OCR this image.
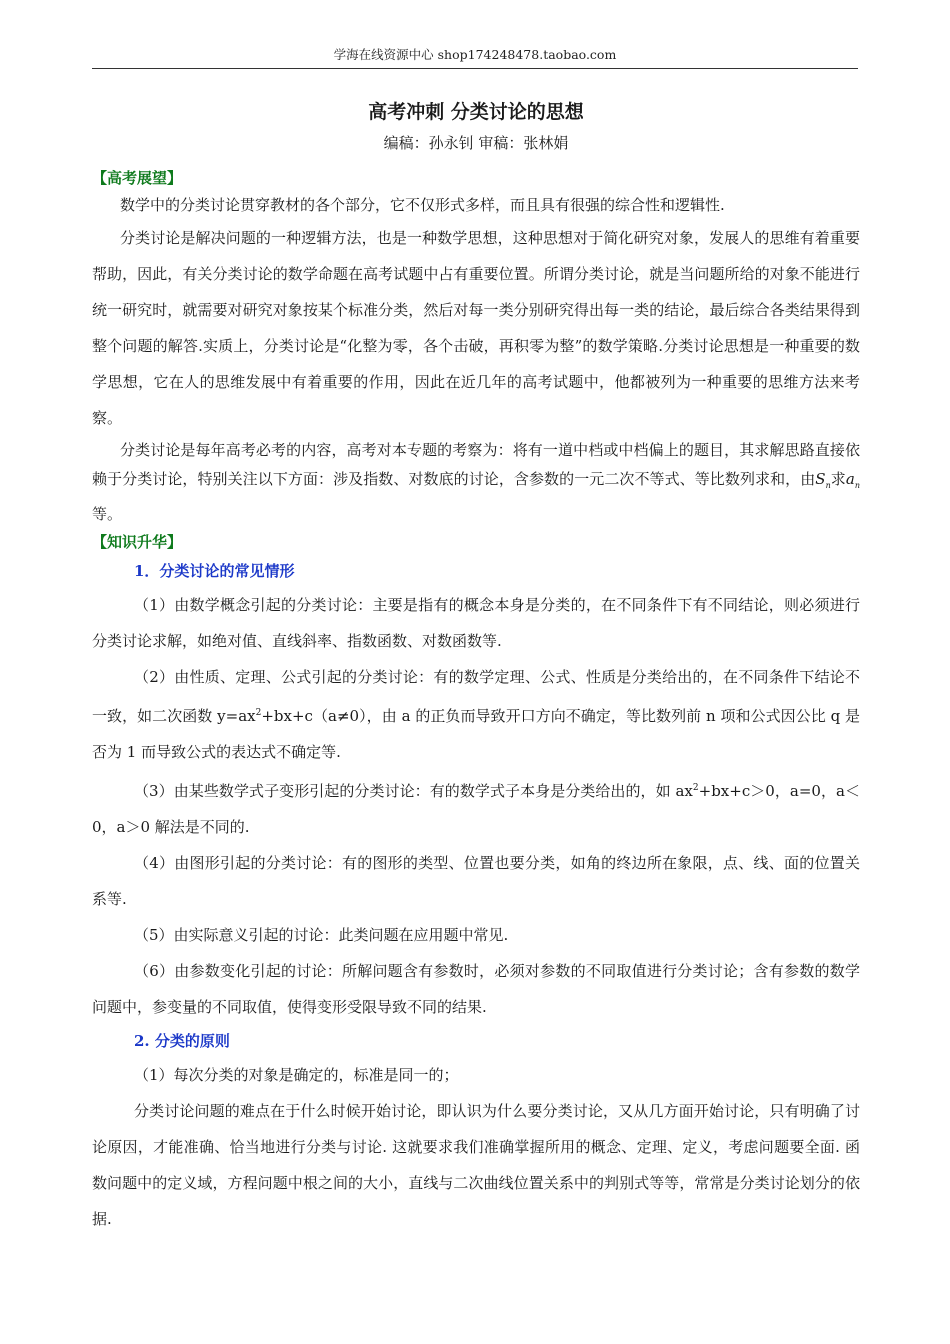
学海在线资源中心 shop174248478.taobao.com
高考冲刺 分类讨论的思想
编稿：孙永钊 审稿：张林娟
【高考展望】

数学中的分类讨论贯穿教材的各个部分，它不仅形式多样，而且具有很强的综合性和逻辑性.

分类讨论是解决问题的一种逻辑方法，也是一种数学思想，这种思想对于简化研究对象，发展人的思维有着重要帮助，因此，有关分类讨论的数学命题在高考试题中占有重要位置。所谓分类讨论，就是当问题所给的对象不能进行统一研究时，就需要对研究对象按某个标准分类，然后对每一类分别研究得出每一类的结论，最后综合各类结果得到整个问题的解答.实质上，分类讨论是“化整为零，各个击破，再积零为整”的数学策略.分类讨论思想是一种重要的数学思想，它在人的思维发展中有着重要的作用，因此在近几年的高考试题中，他都被列为一种重要的思维方法来考察。

分类讨论是每年高考必考的内容，高考对本专题的考察为：将有一道中档或中档偏上的题目，其求解思路直接依赖于分类讨论，特别关注以下方面：涉及指数、对数底的讨论，含参数的一元二次不等式、等比数列求和，由$S_n$求$a_n$等。

【知识升华】
1．分类讨论的常见情形

（1）由数学概念引起的分类讨论：主要是指有的概念本身是分类的，在不同条件下有不同结论，则必须进行分类讨论求解，如绝对值、直线斜率、指数函数、对数函数等.

（2）由性质、定理、公式引起的分类讨论：有的数学定理、公式、性质是分类给出的，在不同条件下结论不一致，如二次函数 $y=ax^2+bx+c(a\ne 0)$，由 a 的正负而导致开口方向不确定，等比数列前 n 项和公式因公比 q 是否为 1 而导致公式的表达式不确定等.

（3）由某些数学式子变形引起的分类讨论：有的数学式子本身是分类给出的，如 $ax^2+bx+c>0$，a=0，a＜0，a＞0 解法是不同的.

（4）由图形引起的分类讨论：有的图形的类型、位置也要分类，如角的终边所在象限，点、线、面的位置关系等.

（5）由实际意义引起的讨论：此类问题在应用题中常见.

（6）由参数变化引起的讨论：所解问题含有参数时，必须对参数的不同取值进行分类讨论；含有参数的数学问题中，参变量的不同取值，使得变形受限导致不同的结果.

2. 分类的原则

（1）每次分类的对象是确定的，标准是同一的；

分类讨论问题的难点在于什么时候开始讨论，即认识为什么要分类讨论，又从几方面开始讨论，只有明确了讨论原因，才能准确、恰当地进行分类与讨论. 这就要求我们准确掌握所用的概念、定理、定义，考虑问题要全面. 函数问题中的定义域，方程问题中根之间的大小，直线与二次曲线位置关系中的判别式等等，常常是分类讨论划分的依据.
